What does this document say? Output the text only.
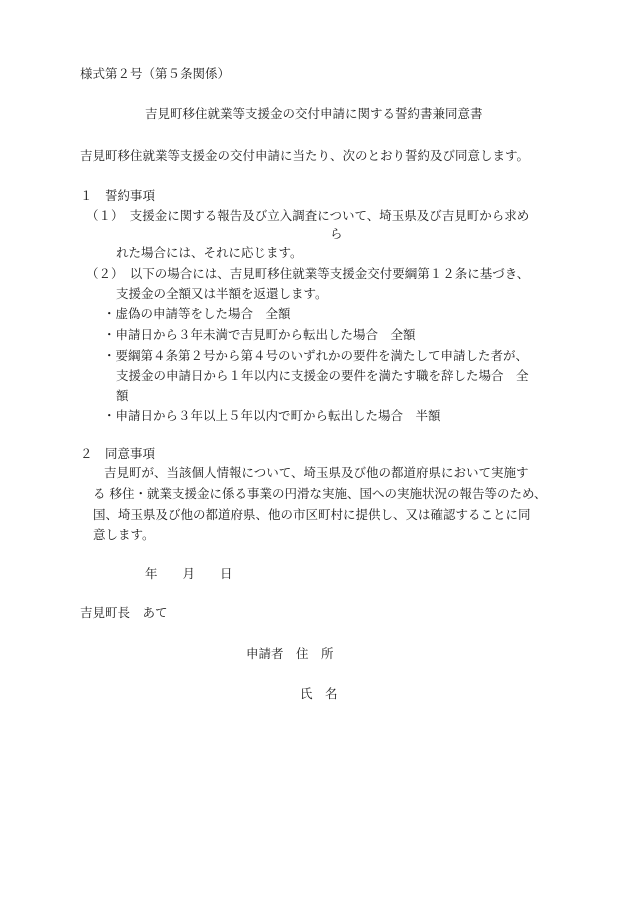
様式第２号（第５条関係）
吉見町移住就業等支援金の交付申請に関する誓約書兼同意書
吉見町移住就業等支援金の交付申請に当たり、次のとおり誓約及び同意します。
１　誓約事項
（１）　支援金に関する報告及び立入調査について、埼玉県及び吉見町から求め
ら
れた場合には、それに応じます。
（２）　以下の場合には、吉見町移住就業等支援金交付要綱第１２条に基づき、
支援金の全額又は半額を返還します。
・虚偽の申請等をした場合　全額
・申請日から３年未満で吉見町から転出した場合　全額
・要綱第４条第２号から第４号のいずれかの要件を満たして申請した者が、
支援金の申請日から１年以内に支援金の要件を満たす職を辞した場合　全
額
・申請日から３年以上５年以内で町から転出した場合　半額
２　同意事項
吉見町が、当該個人情報について、埼玉県及び他の都道府県において実施す
る 移住・就業支援金に係る事業の円滑な実施、国への実施状況の報告等のため、
国、埼玉県及び他の都道府県、他の市区町村に提供し、又は確認することに同
意します。
年　　月　　日
吉見町長　あて
申請者　住　所
氏　名
